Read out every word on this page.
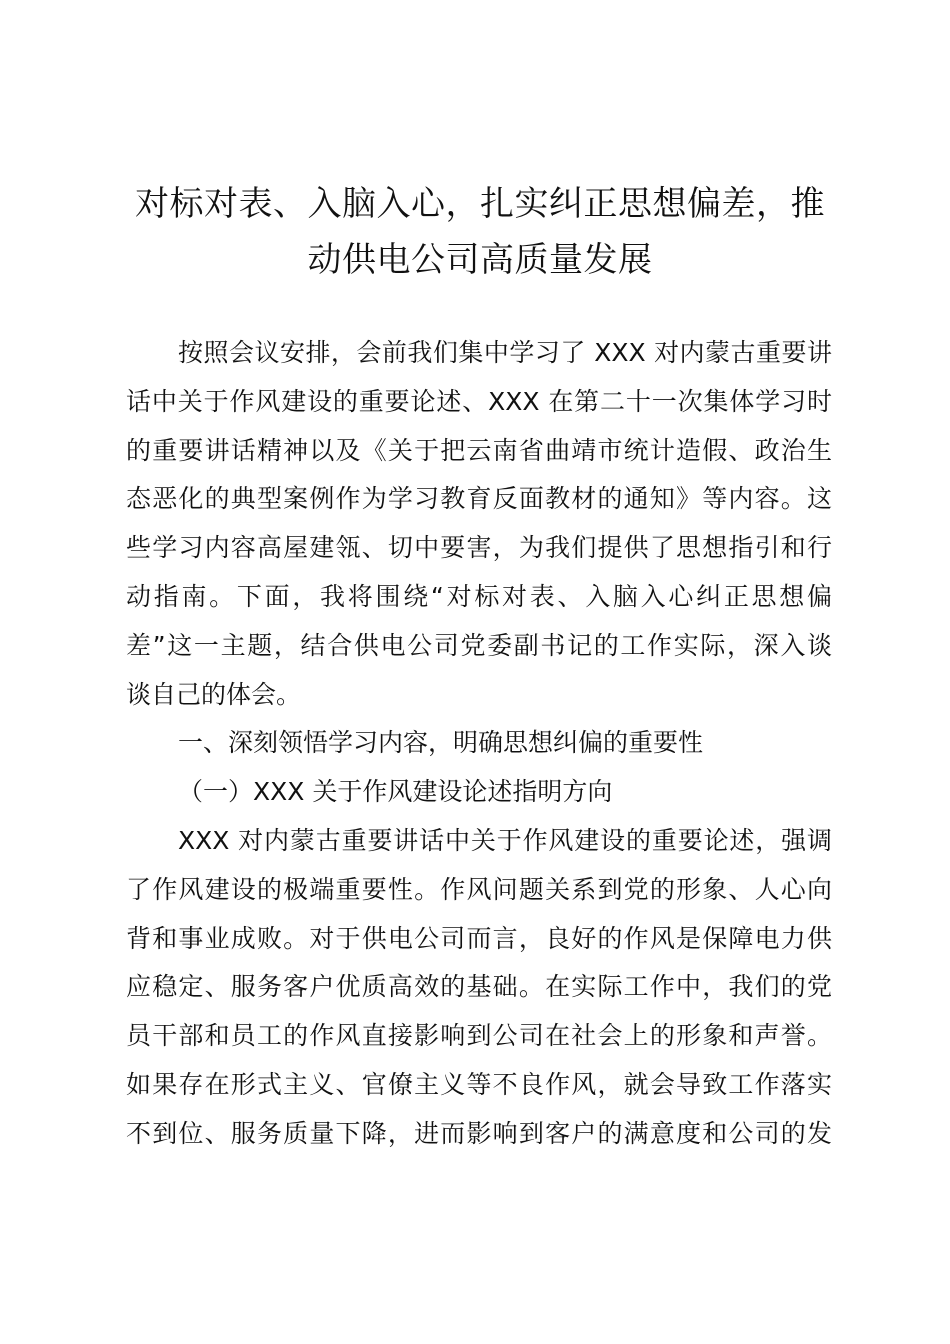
对标对表、入脑入心，扎实纠正思想偏差，推
动供电公司高质量发展
按照会议安排，会前我们集中学习了 XXX 对内蒙古重要讲
话中关于作风建设的重要论述、XXX 在第二十一次集体学习时
的重要讲话精神以及《关于把云南省曲靖市统计造假、政治生
态恶化的典型案例作为学习教育反面教材的通知》等内容。这
些学习内容高屋建瓴、切中要害，为我们提供了思想指引和行
动指南。下面，我将围绕“对标对表、入脑入心纠正思想偏
差”这一主题，结合供电公司党委副书记的工作实际，深入谈
谈自己的体会。
一、深刻领悟学习内容，明确思想纠偏的重要性
（一）XXX 关于作风建设论述指明方向
XXX 对内蒙古重要讲话中关于作风建设的重要论述，强调
了作风建设的极端重要性。作风问题关系到党的形象、人心向
背和事业成败。对于供电公司而言，良好的作风是保障电力供
应稳定、服务客户优质高效的基础。在实际工作中，我们的党
员干部和员工的作风直接影响到公司在社会上的形象和声誉。
如果存在形式主义、官僚主义等不良作风，就会导致工作落实
不到位、服务质量下降，进而影响到客户的满意度和公司的发
